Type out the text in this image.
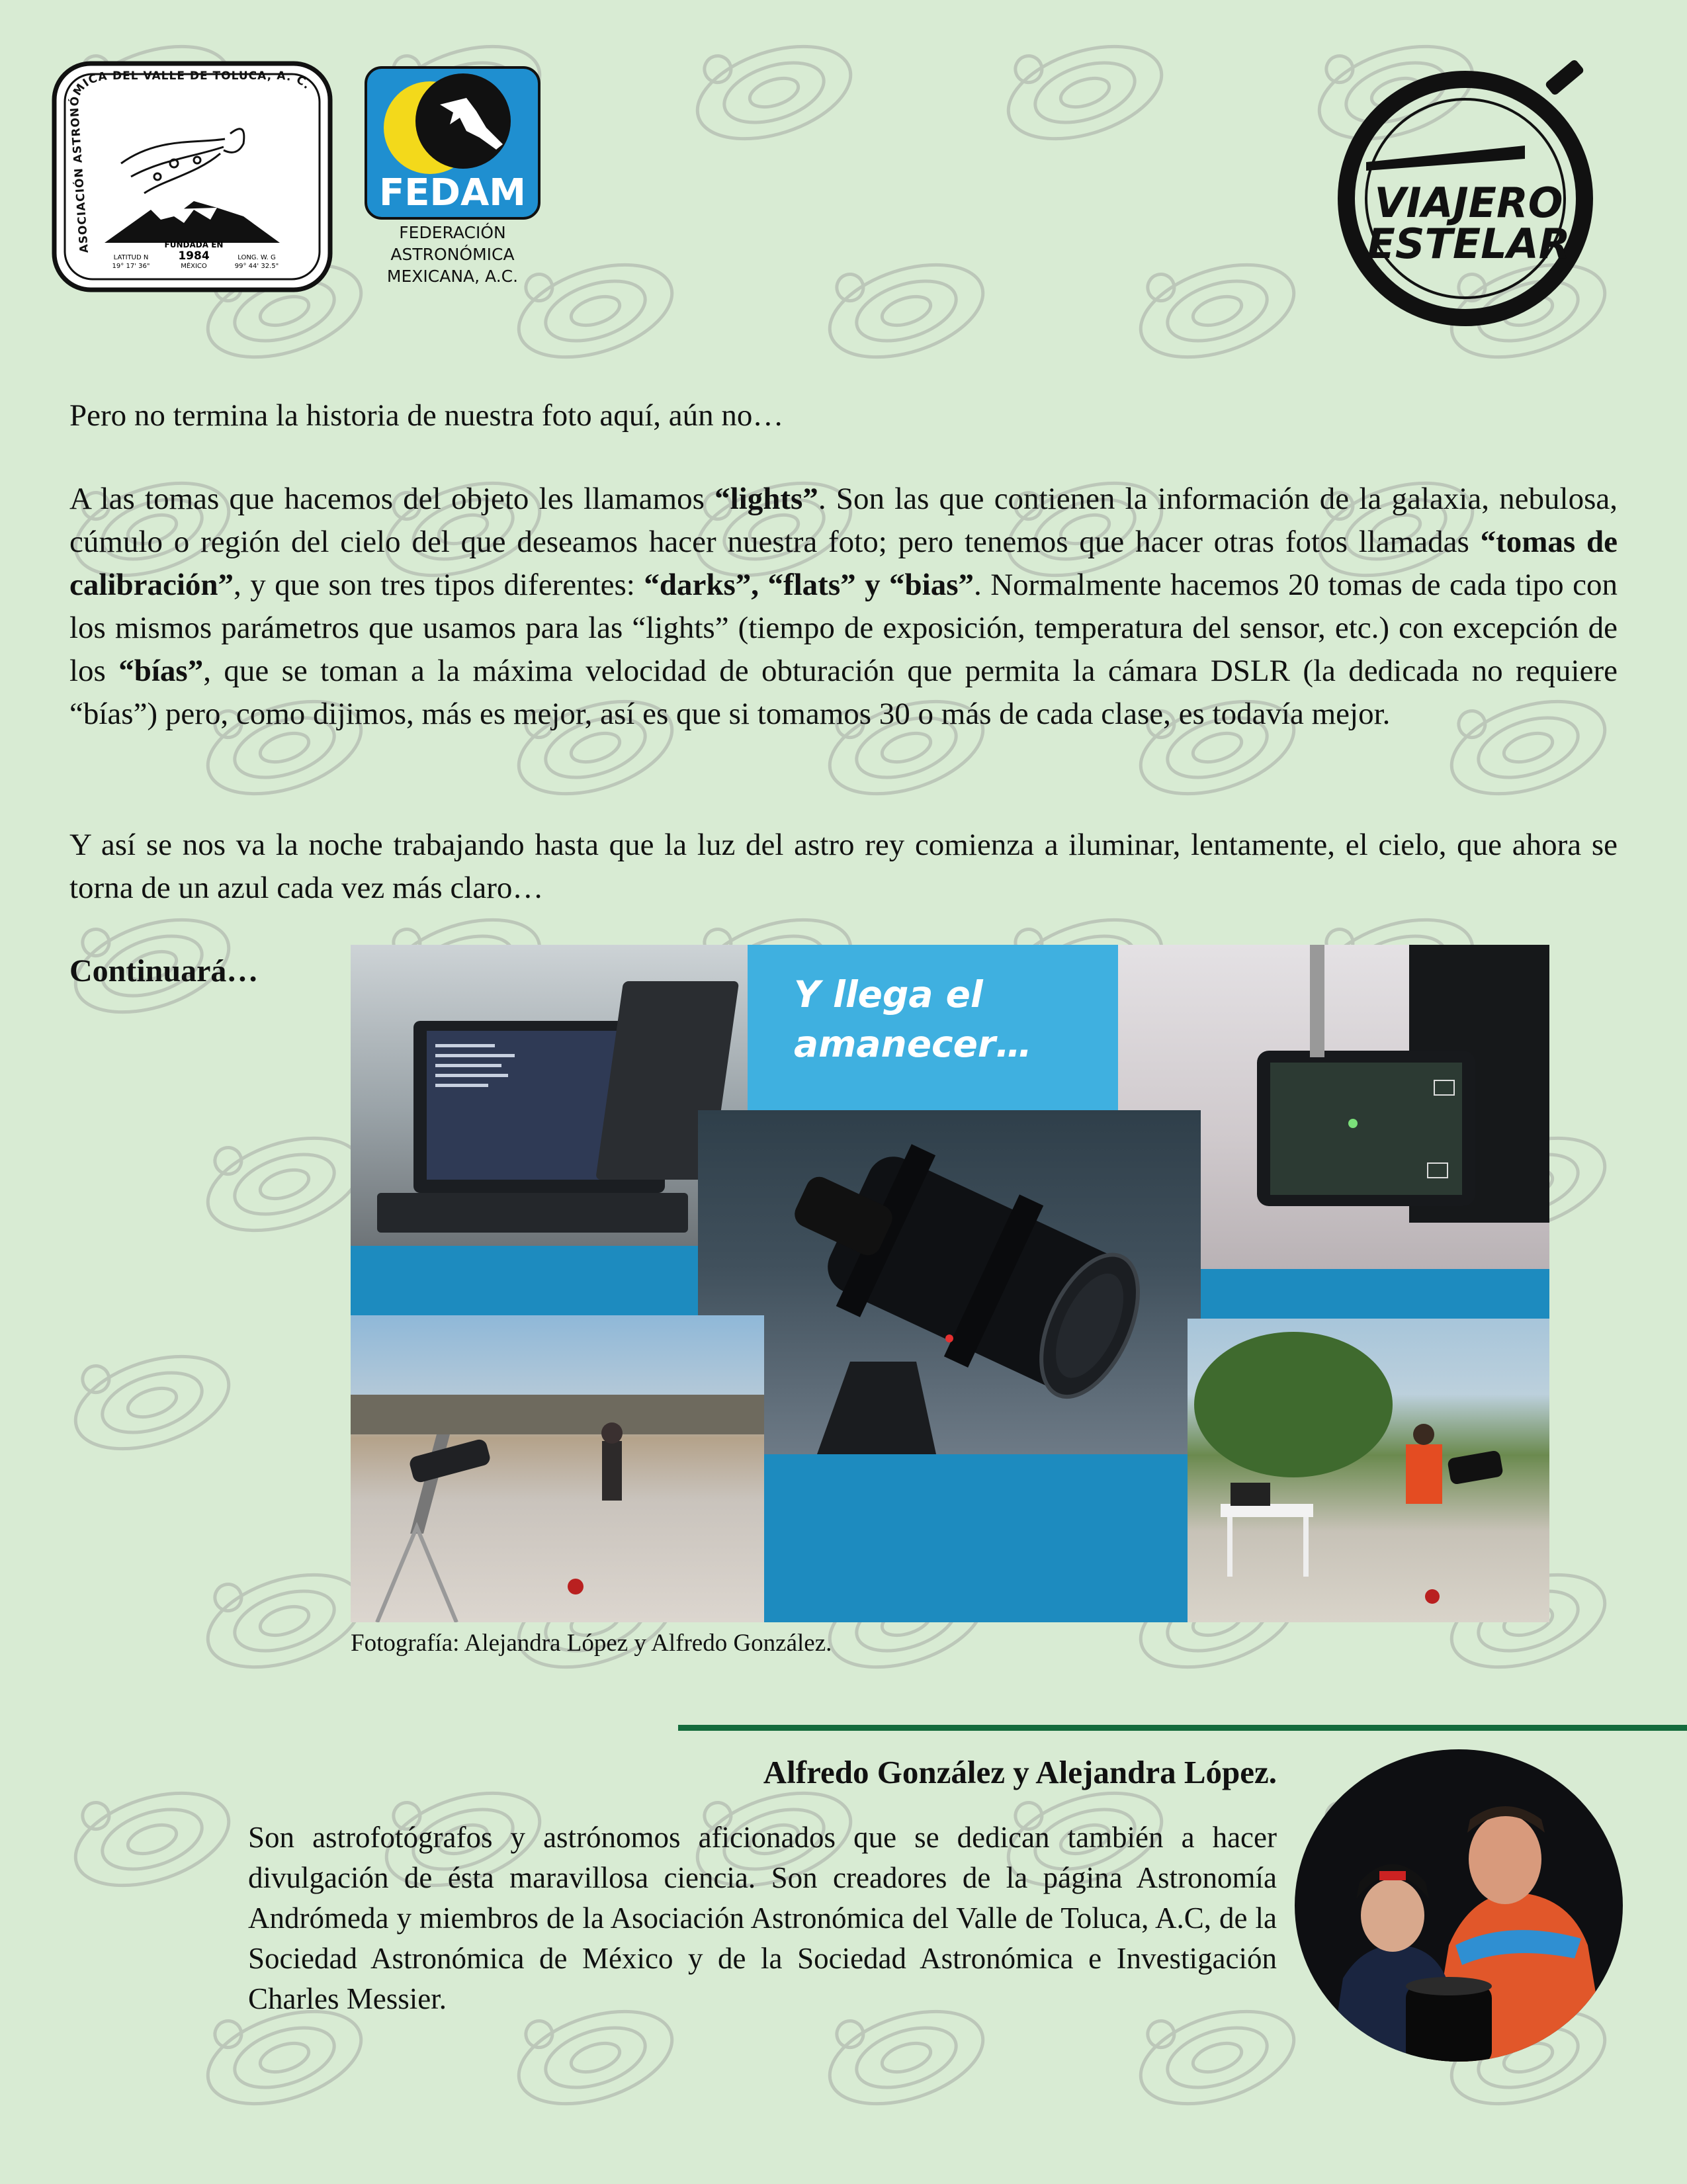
ASOCIACIÓN ASTRONÓMICA DEL VALLE DE TOLUCA, A. C.
FUNDADA EN
1984
MÉXICO
LATITUD N
19° 17' 36"
LONG. W. G
99° 44' 32.5"
FEDAM
FEDERACIÓN
ASTRONÓMICA
MEXICANA, A.C.
VIAJERO
ESTELAR
Pero no termina la historia de nuestra foto aquí, aún no…
A las tomas que hacemos del objeto les llamamos “lights”. Son las que contienen la información de la galaxia, nebulosa, cúmulo o región del cielo del que deseamos hacer nuestra foto; pero tenemos que hacer otras fotos llamadas “tomas de calibración”, y que son tres tipos diferentes: “darks”, “flats” y “bias”. Normalmente hacemos 20 tomas de cada tipo con los mismos parámetros que usamos para las “lights” (tiempo de exposición, temperatura del sensor, etc.) con excepción de los “bías”, que se toman a la máxima velocidad de obturación que permita la cámara DSLR (la dedicada no requiere “bías”) pero, como dijimos, más es mejor, así es que si tomamos 30 o más de cada clase, es todavía mejor.
Y así se nos va la noche trabajando hasta que la luz del astro rey comienza a iluminar, lentamente, el cielo, que ahora se torna de un azul cada vez más claro…
Continuará…
Y llega el
amanecer…
Fotografía: Alejandra López y Alfredo González.
Alfredo González y Alejandra López.
Son astrofotógrafos y astrónomos aficionados que se dedican también a hacer divulgación de ésta maravillosa ciencia. Son creadores de la página Astronomía Andrómeda y miembros de la Asociación Astronómica del Valle de Toluca, A.C, de la Sociedad Astronómica de México y de la Sociedad Astronómica e Investigación Charles Messier.
